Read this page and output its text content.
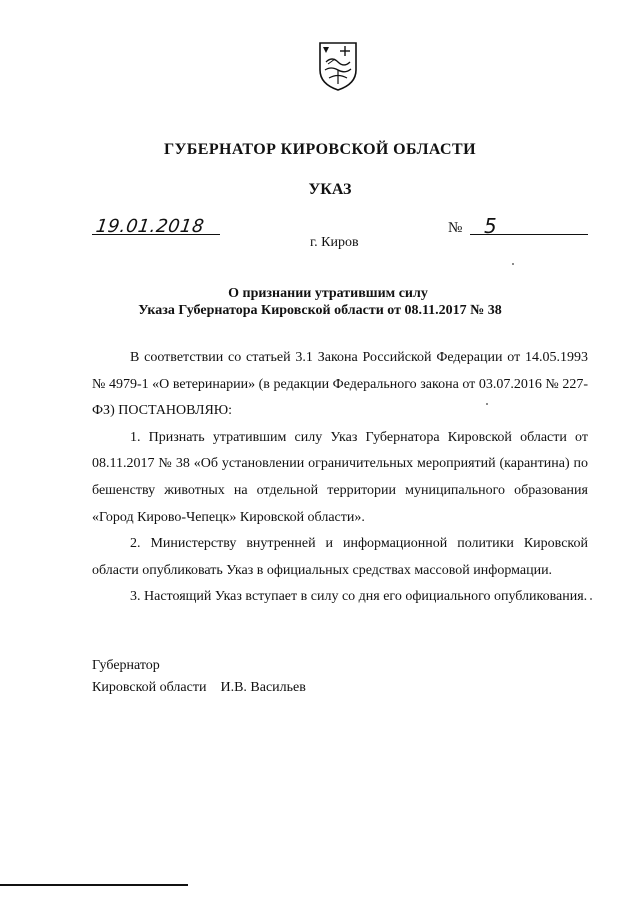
ГУБЕРНАТОР КИРОВСКОЙ ОБЛАСТИ
УКАЗ
19.01.2018	№ 5
г. Киров
О признании утратившим силу
Указа Губернатора Кировской области от 08.11.2017 № 38

В соответствии со статьей 3.1 Закона Российской Федерации от 14.05.1993 № 4979-1 «О ветеринарии» (в редакции Федерального закона от 03.07.2016 № 227-ФЗ) ПОСТАНОВЛЯЮ:

1. Признать утратившим силу Указ Губернатора Кировской области от 08.11.2017 № 38 «Об установлении ограничительных мероприятий (карантина) по бешенству животных на отдельной территории муниципального образования «Город Кирово-Чепецк» Кировской области».

2. Министерству внутренней и информационной политики Кировской области опубликовать Указ в официальных средствах массовой информации.

3. Настоящий Указ вступает в силу со дня его официального опубликования.

Губернатор
Кировской области И.В. Васильев
